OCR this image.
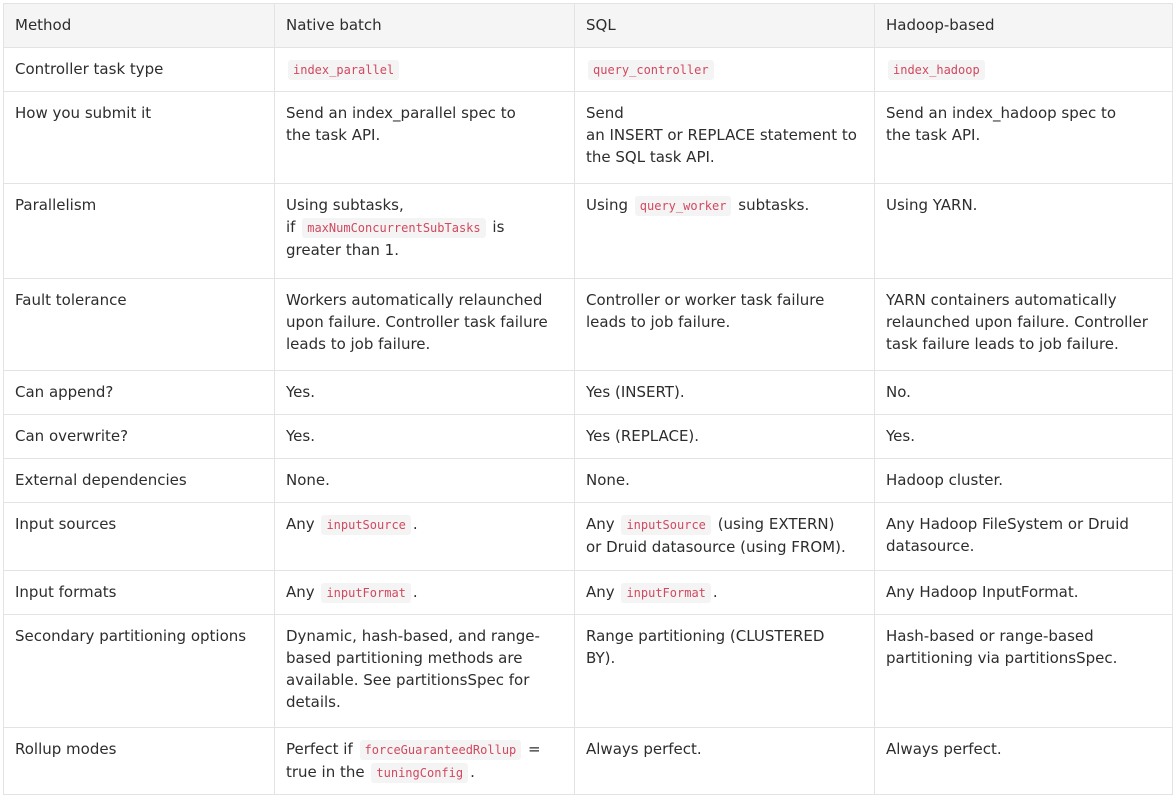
Method	Native batch	SQL	Hadoop-based
Controller task type	index_parallel	query_controller	index_hadoop
How you submit it	Send an index_parallel spec to
the task API.	Send
an INSERT or REPLACE statement to
the SQL task API.	Send an index_hadoop spec to
the task API.

Parallelism	Using subtasks,
if maxNumConcurrentSubTasks is
greater than 1.	Using query_worker subtasks.	Using YARN.
Fault tolerance	Workers automatically relaunched
upon failure. Controller task failure
leads to job failure.	Controller or worker task failure
leads to job failure.	YARN containers automatically
relaunched upon failure. Controller
task failure leads to job failure.

Can append?	Yes.	Yes (INSERT).	No.
Can overwrite?	Yes.	Yes (REPLACE).	Yes.
External dependencies	None.	None.	Hadoop cluster.
Input sources	Any inputSource .	Any inputSource (using EXTERN)
or Druid datasource (using FROM).	Any Hadoop FileSystem or Druid
datasource.

Input formats	Any inputFormat .	Any inputFormat .	Any Hadoop InputFormat.
Secondary partitioning options	Dynamic, hash-based, and range-
based partitioning methods are
available. See partitionsSpec for
details.	Range partitioning (CLUSTERED
BY).	Hash-based or range-based
partitioning via partitionsSpec.

Rollup modes	Perfect if forceGuaranteedRollup =
true in the tuningConfig .	Always perfect.	Always perfect.
